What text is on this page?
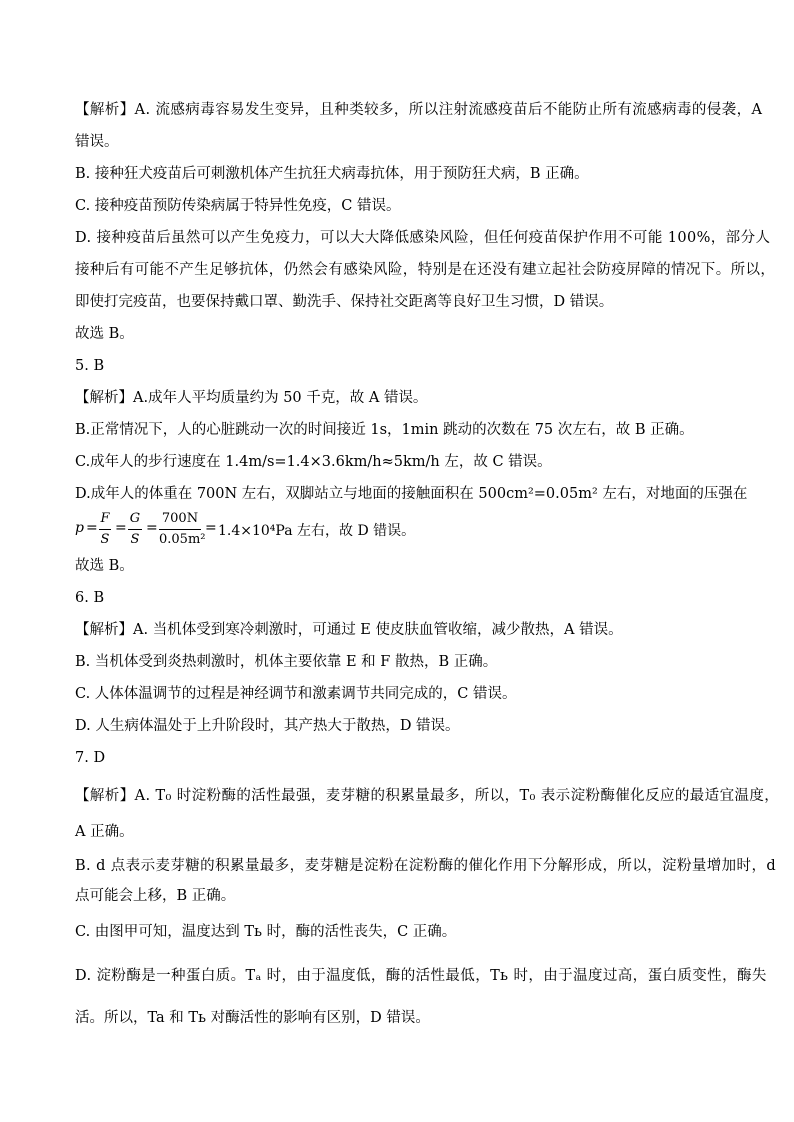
【解析】A. 流感病毒容易发生变异，且种类较多，所以注射流感疫苗后不能防止所有流感病毒的侵袭，A
错误。
B. 接种狂犬疫苗后可刺激机体产生抗狂犬病毒抗体，用于预防狂犬病，B 正确。
C. 接种疫苗预防传染病属于特异性免疫，C 错误。
D. 接种疫苗后虽然可以产生免疫力，可以大大降低感染风险，但任何疫苗保护作用不可能 100%，部分人
接种后有可能不产生足够抗体，仍然会有感染风险，特别是在还没有建立起社会防疫屏障的情况下。所以，
即使打完疫苗，也要保持戴口罩、勤洗手、保持社交距离等良好卫生习惯，D 错误。
故选 B。
5. B
【解析】A.成年人平均质量约为 50 千克，故 A 错误。
B.正常情况下，人的心脏跳动一次的时间接近 1s，1min 跳动的次数在 75 次左右，故 B 正确。
C.成年人的步行速度在 1.4m/s=1.4×3.6km/h≈5km/h 左，故 C 错误。
D.成年人的体重在 700N 左右，双脚站立与地面的接触面积在 500cm²=0.05m² 左右，对地面的压强在
p =
F
S
=
G
S
=
700N
0.05m²
= 1.4×10⁴Pa 左右，故 D 错误。
故选 B。
6. B
【解析】A. 当机体受到寒冷刺激时，可通过 E 使皮肤血管收缩，减少散热，A 错误。
B. 当机体受到炎热刺激时，机体主要依靠 E 和 F 散热，B 正确。
C. 人体体温调节的过程是神经调节和激素调节共同完成的，C 错误。
D. 人生病体温处于上升阶段时，其产热大于散热，D 错误。
7. D
【解析】A. T₀ 时淀粉酶的活性最强，麦芽糖的积累量最多，所以，T₀ 表示淀粉酶催化反应的最适宜温度，
A 正确。
B. d 点表示麦芽糖的积累量最多，麦芽糖是淀粉在淀粉酶的催化作用下分解形成，所以，淀粉量增加时，d
点可能会上移，B 正确。
C. 由图甲可知，温度达到 Tь 时，酶的活性丧失，C 正确。
D. 淀粉酶是一种蛋白质。Tₐ 时，由于温度低，酶的活性最低，Tь 时，由于温度过高，蛋白质变性，酶失
活。所以，Ta 和 Tь 对酶活性的影响有区别，D 错误。
